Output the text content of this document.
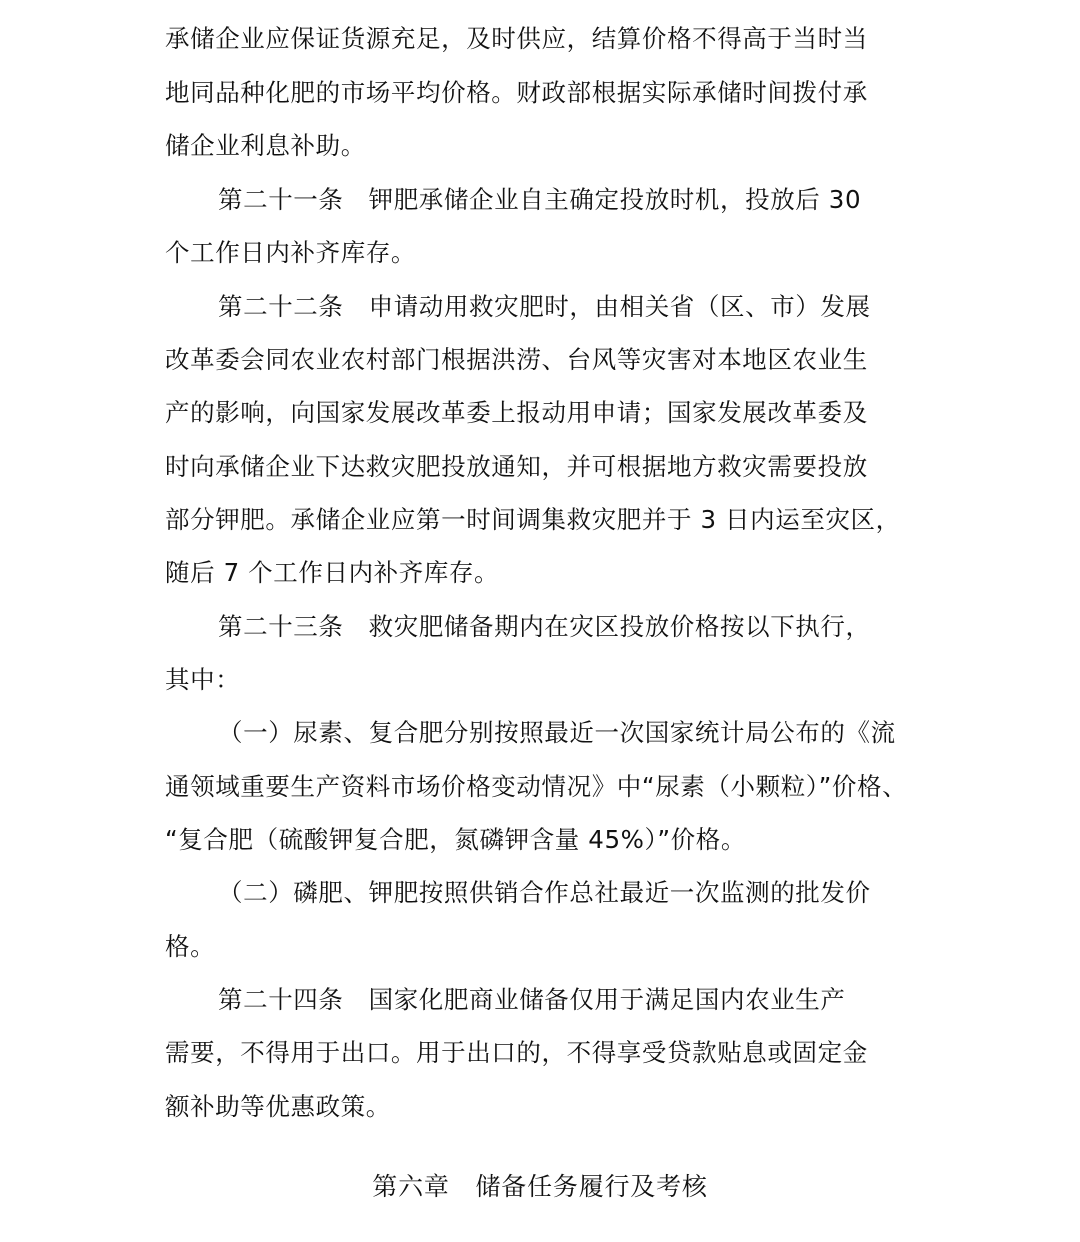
承储企业应保证货源充足，及时供应，结算价格不得高于当时当
地同品种化肥的市场平均价格。财政部根据实际承储时间拨付承
储企业利息补助。
第二十一条　钾肥承储企业自主确定投放时机，投放后 30
个工作日内补齐库存。
第二十二条　申请动用救灾肥时，由相关省（区、市）发展
改革委会同农业农村部门根据洪涝、台风等灾害对本地区农业生
产的影响，向国家发展改革委上报动用申请；国家发展改革委及
时向承储企业下达救灾肥投放通知，并可根据地方救灾需要投放
部分钾肥。承储企业应第一时间调集救灾肥并于 3 日内运至灾区，
随后 7 个工作日内补齐库存。
第二十三条　救灾肥储备期内在灾区投放价格按以下执行，
其中：
（一）尿素、复合肥分别按照最近一次国家统计局公布的《流
通领域重要生产资料市场价格变动情况》中“尿素（小颗粒）”价格、
“复合肥（硫酸钾复合肥，氮磷钾含量 45%）”价格。
（二）磷肥、钾肥按照供销合作总社最近一次监测的批发价
格。
第二十四条　国家化肥商业储备仅用于满足国内农业生产
需要，不得用于出口。用于出口的，不得享受贷款贴息或固定金
额补助等优惠政策。
第六章　储备任务履行及考核
